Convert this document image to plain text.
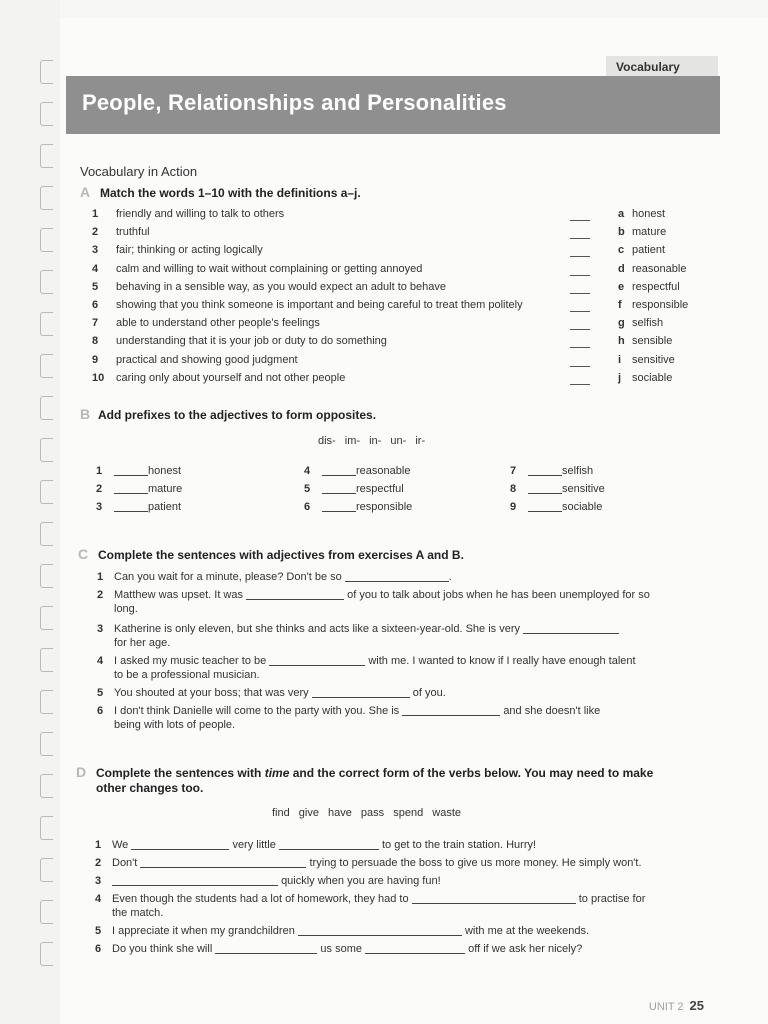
Vocabulary
People, Relationships and Personalities
Vocabulary in Action
A Match the words 1–10 with the definitions a–j.
1 friendly and willing to talk to others	a honest
2 truthful	b mature
3 fair; thinking or acting logically	c patient
4 calm and willing to wait without complaining or getting annoyed	d reasonable
5 behaving in a sensible way, as you would expect an adult to behave	e respectful
6 showing that you think someone is important and being careful to treat them politely	f responsible
7 able to understand other people's feelings	g selfish
8 understanding that it is your job or duty to do something	h sensible
9 practical and showing good judgment	i sensitive
10 caring only about yourself and not other people	j sociable
B Add prefixes to the adjectives to form opposites.
dis- im- in- un- ir-
1	honest
2	mature
3	patient
4	reasonable
5	respectful
6	responsible
7	selfish
8	sensitive
9	sociable
C Complete the sentences with adjectives from exercises A and B.
1 Can you wait for a minute, please? Don't be so	.
2 Matthew was upset. It was	of you to talk about jobs when he has been unemployed for so
long.
3 Katherine is only eleven, but she thinks and acts like a sixteen-year-old. She is very
for her age.
4 I asked my music teacher to be	with me. I wanted to know if I really have enough talent
to be a professional musician.
5 You shouted at your boss; that was very	of you.
6 I don't think Danielle will come to the party with you. She is	and she doesn't like
being with lots of people.
D Complete the sentences with time and the correct form of the verbs below. You may need to make
other changes too.
find give have pass spend waste
1 We	very little	to get to the train station. Hurry!
2 Don't	trying to persuade the boss to give us more money. He simply won't.
3	quickly when you are having fun!
4 Even though the students had a lot of homework, they had to	to practise for
the match.
5 I appreciate it when my grandchildren	with me at the weekends.
6 Do you think she will	us some	off if we ask her nicely?
UNIT 2 25
